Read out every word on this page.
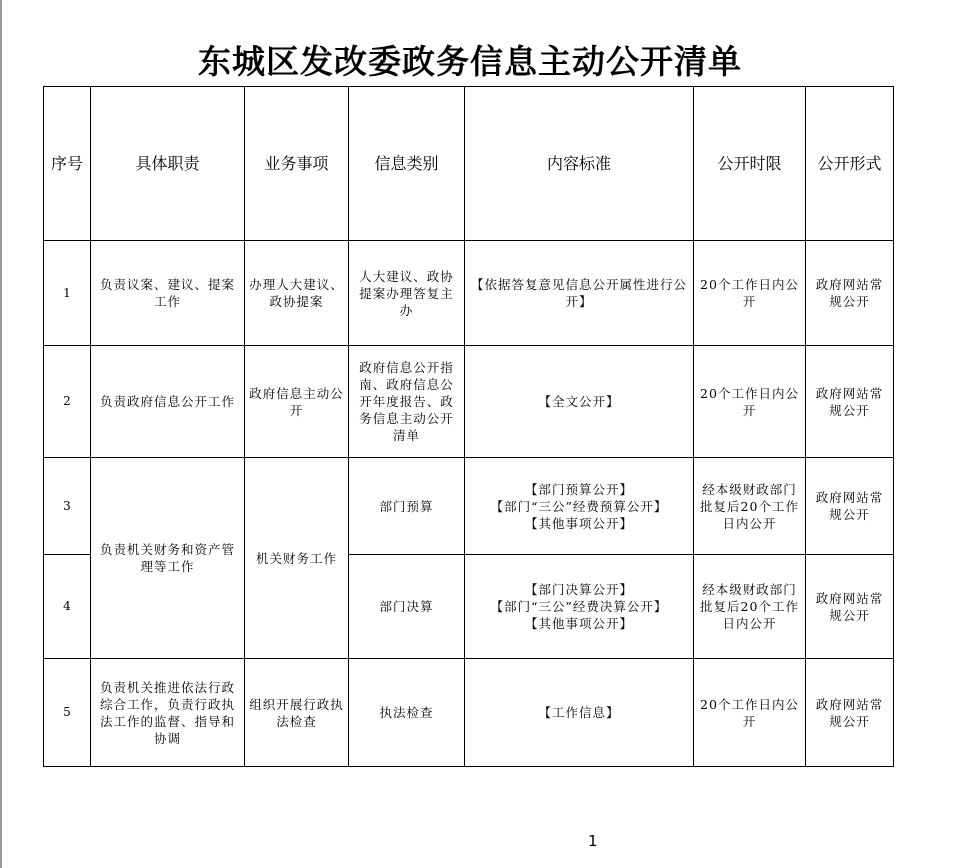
东城区发改委政务信息主动公开清单
序号	具体职责	业务事项	信息类别	内容标准	公开时限	公开形式
1	负责议案、建议、提案工作	办理人大建议、政协提案	人大建议、政协提案办理答复主办	【依据答复意见信息公开属性进行公开】	20个工作日内公开	政府网站常规公开
2	负责政府信息公开工作	政府信息主动公开	政府信息公开指南、政府信息公开年度报告、政务信息主动公开清单	【全文公开】	20个工作日内公开	政府网站常规公开
3	负责机关财务和资产管理等工作	机关财务工作	部门预算	【部门预算公开】
【部门“三公”经费预算公开】
【其他事项公开】	经本级财政部门批复后20个工作日内公开	政府网站常规公开
4			部门决算	【部门决算公开】
【部门“三公”经费决算公开】
【其他事项公开】	经本级财政部门批复后20个工作日内公开	政府网站常规公开
5	负责机关推进依法行政综合工作，负责行政执法工作的监督、指导和协调	组织开展行政执法检查	执法检查	【工作信息】	20个工作日内公开	政府网站常规公开
1
